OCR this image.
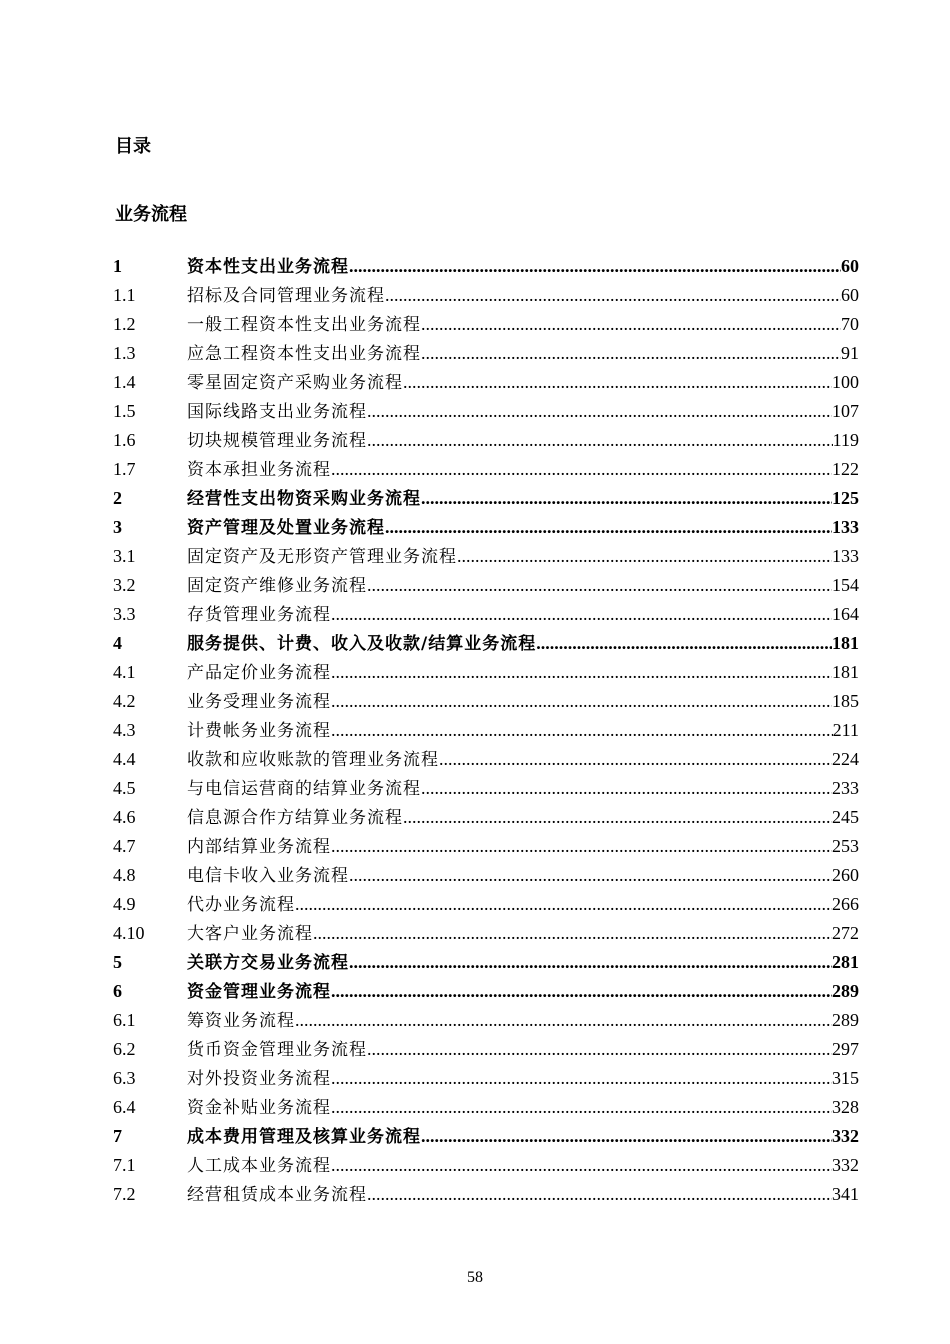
目录
业务流程
1	资本性支出业务流程 .....	60
1.1	招标及合同管理业务流程 .....	60
1.2	一般工程资本性支出业务流程 .....	70
1.3	应急工程资本性支出业务流程 .....	91
1.4	零星固定资产采购业务流程 .....	100
1.5	国际线路支出业务流程 .....	107
1.6	切块规模管理业务流程 .....	119
1.7	资本承担业务流程 .....	122
2	经营性支出物资采购业务流程 .....	125
3	资产管理及处置业务流程 .....	133
3.1	固定资产及无形资产管理业务流程 .....	133
3.2	固定资产维修业务流程 .....	154
3.3	存货管理业务流程 .....	164
4	服务提供、计费、收入及收款/结算业务流程 .....	181
4.1	产品定价业务流程 .....	181
4.2	业务受理业务流程 .....	185
4.3	计费帐务业务流程 .....	211
4.4	收款和应收账款的管理业务流程 .....	224
4.5	与电信运营商的结算业务流程 .....	233
4.6	信息源合作方结算业务流程 .....	245
4.7	内部结算业务流程 .....	253
4.8	电信卡收入业务流程 .....	260
4.9	代办业务流程 .....	266
4.10	大客户业务流程 .....	272
5	关联方交易业务流程 .....	281
6	资金管理业务流程 .....	289
6.1	筹资业务流程 .....	289
6.2	货币资金管理业务流程 .....	297
6.3	对外投资业务流程 .....	315
6.4	资金补贴业务流程 .....	328
7	成本费用管理及核算业务流程 .....	332
7.1	人工成本业务流程 .....	332
7.2	经营租赁成本业务流程 .....	341
58
